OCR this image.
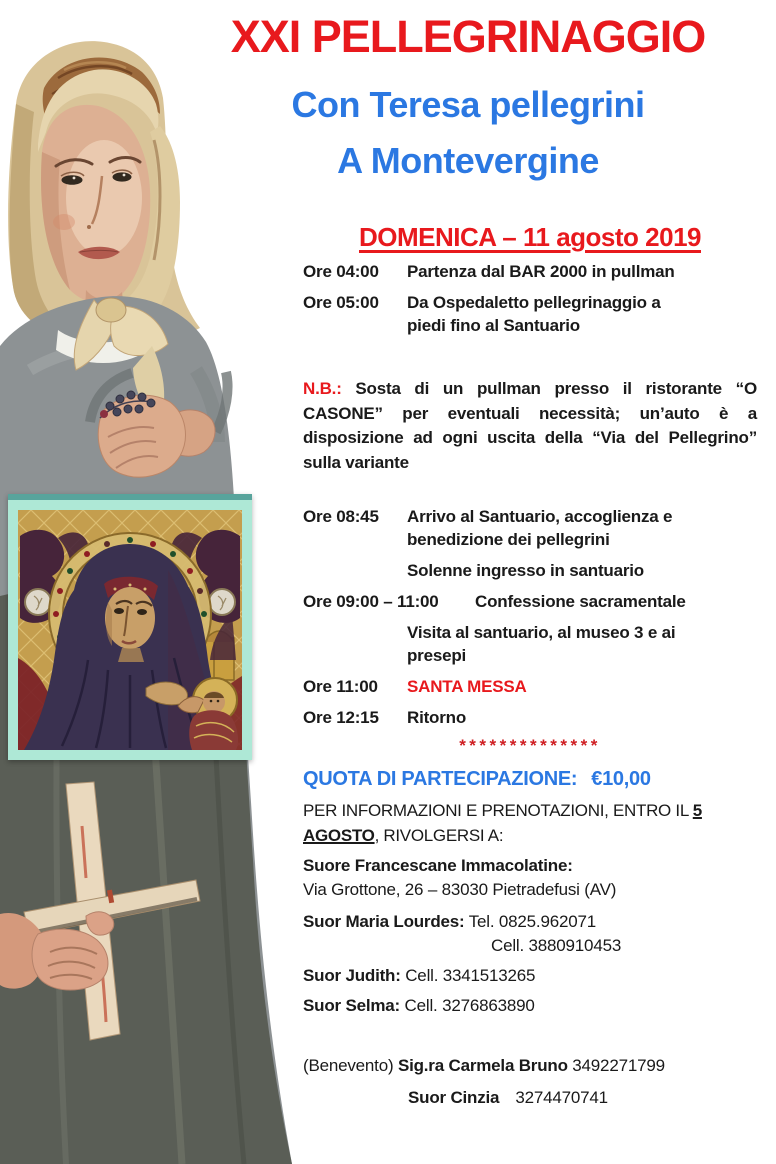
XXI PELLEGRINAGGIO
Con Teresa pellegrini
A Montevergine
DOMENICA – 11 agosto 2019
Ore 04:00	Partenza dal BAR 2000 in pullman
Ore 05:00	Da Ospedaletto pellegrinaggio a
piedi fino al Santuario

N.B.: Sosta di un pullman presso il ristorante “O CASONE” per eventuali necessità; un’auto è a disposizione ad ogni uscita della “Via del Pellegrino” sulla variante

Ore 08:45	Arrivo al Santuario, accoglienza e
benedizione dei pellegrini
Solenne ingresso in santuario
Ore 09:00 – 11:00	Confessione sacramentale
Visita al santuario, al museo 3 e ai
presepi
Ore 11:00	SANTA MESSA
Ore 12:15	Ritorno
**************
QUOTA DI PARTECIPAZIONE: €10,00

PER INFORMAZIONI E PRENOTAZIONI, ENTRO IL 5 AGOSTO, RIVOLGERSI A:

Suore Francescane Immacolatine:
Via Grottone, 26 – 83030 Pietradefusi (AV)
Suor Maria Lourdes: Tel. 0825.962071
Cell. 3880910453
Suor Judith: Cell. 3341513265
Suor Selma: Cell. 3276863890
(Benevento) Sig.ra Carmela Bruno 3492271799
Suor Cinzia 3274470741
